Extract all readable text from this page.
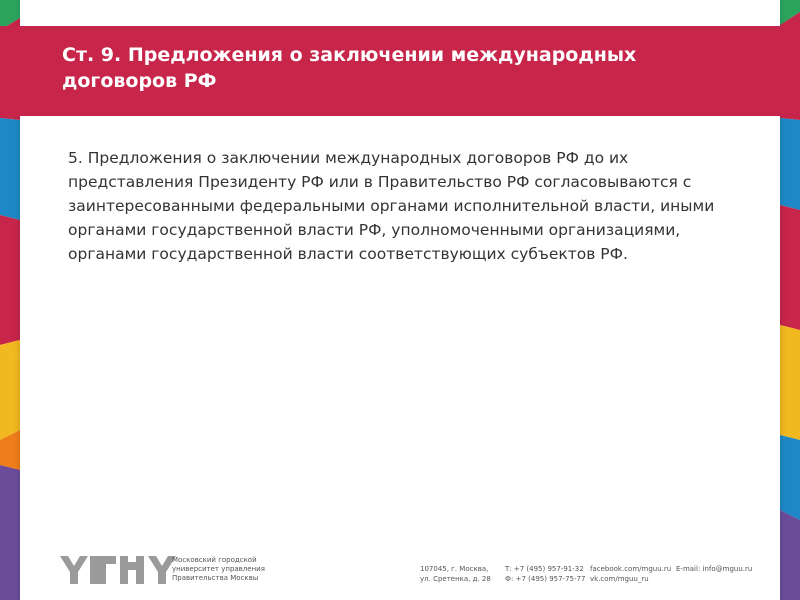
Ст. 9. Предложения о заключении международных договоров РФ
5. Предложения о заключении международных договоров РФ до их представления Президенту РФ или в Правительство РФ согласовываются с заинтересованными федеральными органами исполнительной власти, иными органами государственной власти РФ, уполномоченными организациями, органами государственной власти соответствующих субъектов РФ.
Московский городской
университет управления
Правительства Москвы
107045, г. Москва,
ул. Сретенка, д. 28
Т: +7 (495) 957-91-32
Ф: +7 (495) 957-75-77
facebook.com/mguu.ru
vk.com/mguu_ru
E-mail: info@mguu.ru
